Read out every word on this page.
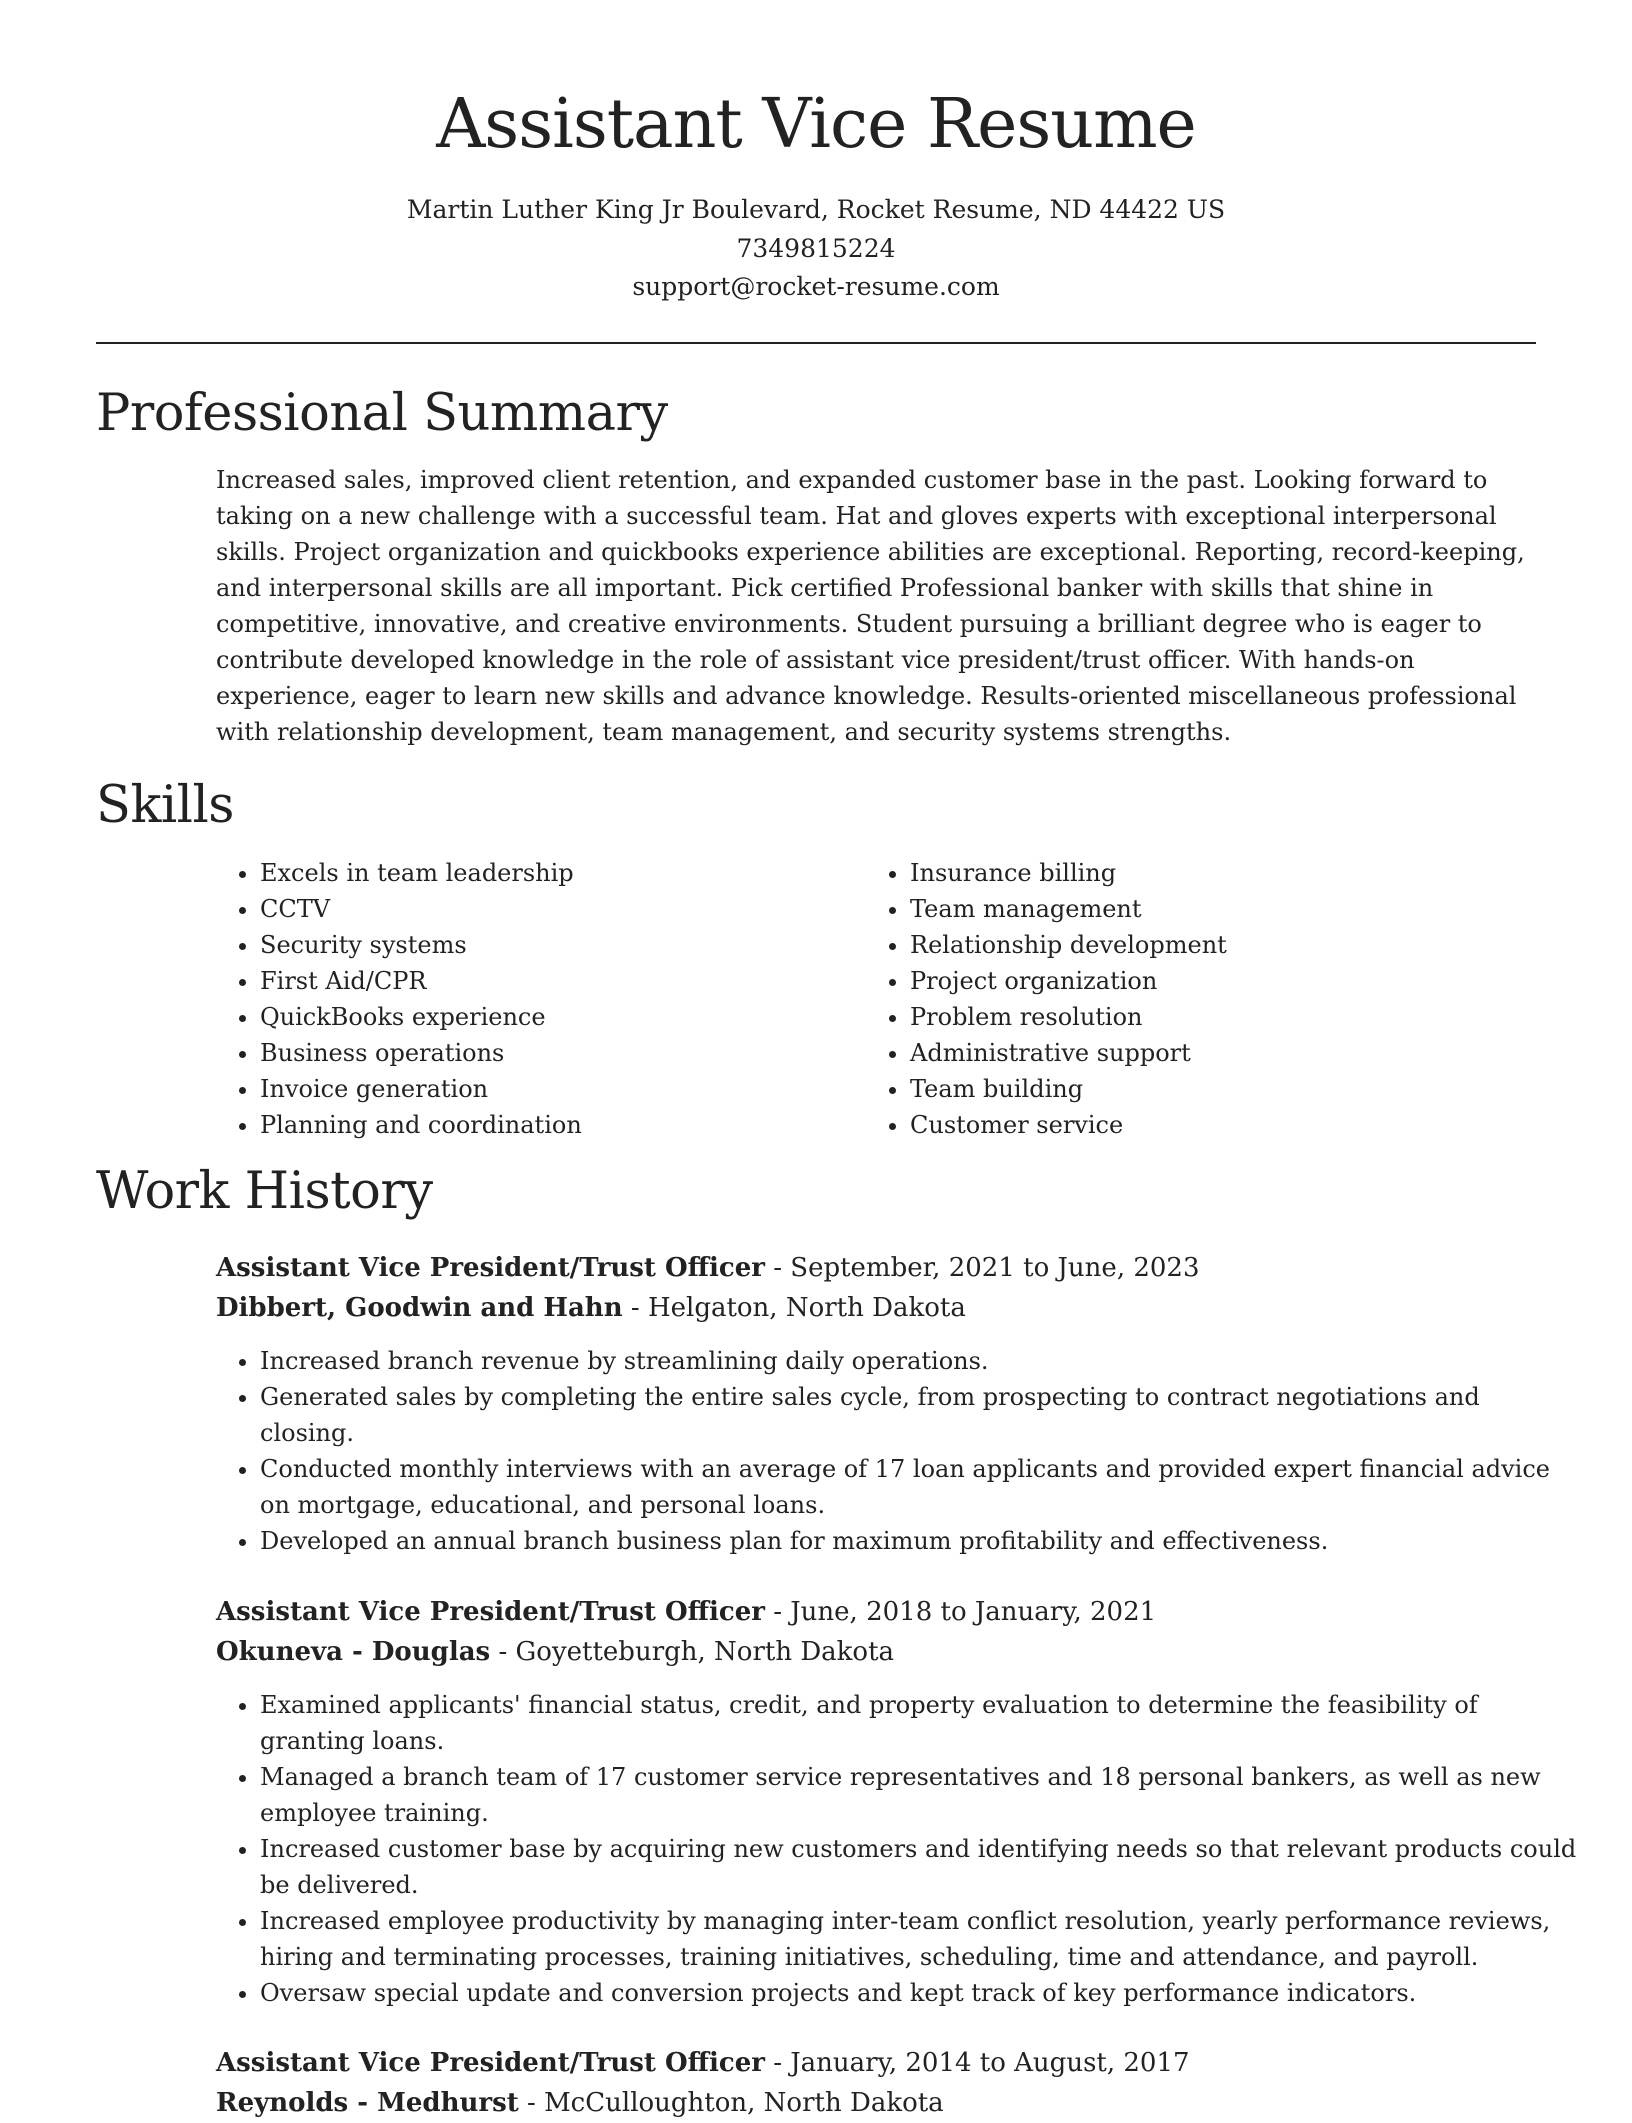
Assistant Vice Resume
Martin Luther King Jr Boulevard, Rocket Resume, ND 44422 US
7349815224
support@rocket-resume.com
Professional Summary

Increased sales, improved client retention, and expanded customer base in the past. Looking forward to taking on a new challenge with a successful team. Hat and gloves experts with exceptional interpersonal skills. Project organization and quickbooks experience abilities are exceptional. Reporting, record-keeping, and interpersonal skills are all important. Pick certified Professional banker with skills that shine in competitive, innovative, and creative environments. Student pursuing a brilliant degree who is eager to contribute developed knowledge in the role of assistant vice president/trust officer. With hands-on experience, eager to learn new skills and advance knowledge. Results-oriented miscellaneous professional with relationship development, team management, and security systems strengths.

Skills
• Excels in team leadership
• CCTV
• Security systems
• First Aid/CPR
• QuickBooks experience
• Business operations
• Invoice generation
• Planning and coordination
• Insurance billing
• Team management
• Relationship development
• Project organization
• Problem resolution
• Administrative support
• Team building
• Customer service
Work History
Assistant Vice President/Trust Officer - September, 2021 to June, 2023
Dibbert, Goodwin and Hahn - Helgaton, North Dakota
• Increased branch revenue by streamlining daily operations.
• Generated sales by completing the entire sales cycle, from prospecting to contract negotiations and closing.
• Conducted monthly interviews with an average of 17 loan applicants and provided expert financial advice on mortgage, educational, and personal loans.
• Developed an annual branch business plan for maximum profitability and effectiveness.
Assistant Vice President/Trust Officer - June, 2018 to January, 2021
Okuneva - Douglas - Goyetteburgh, North Dakota
• Examined applicants' financial status, credit, and property evaluation to determine the feasibility of granting loans.
• Managed a branch team of 17 customer service representatives and 18 personal bankers, as well as new employee training.
• Increased customer base by acquiring new customers and identifying needs so that relevant products could be delivered.
• Increased employee productivity by managing inter-team conflict resolution, yearly performance reviews, hiring and terminating processes, training initiatives, scheduling, time and attendance, and payroll.
• Oversaw special update and conversion projects and kept track of key performance indicators.
Assistant Vice President/Trust Officer - January, 2014 to August, 2017
Reynolds - Medhurst - McCulloughton, North Dakota
